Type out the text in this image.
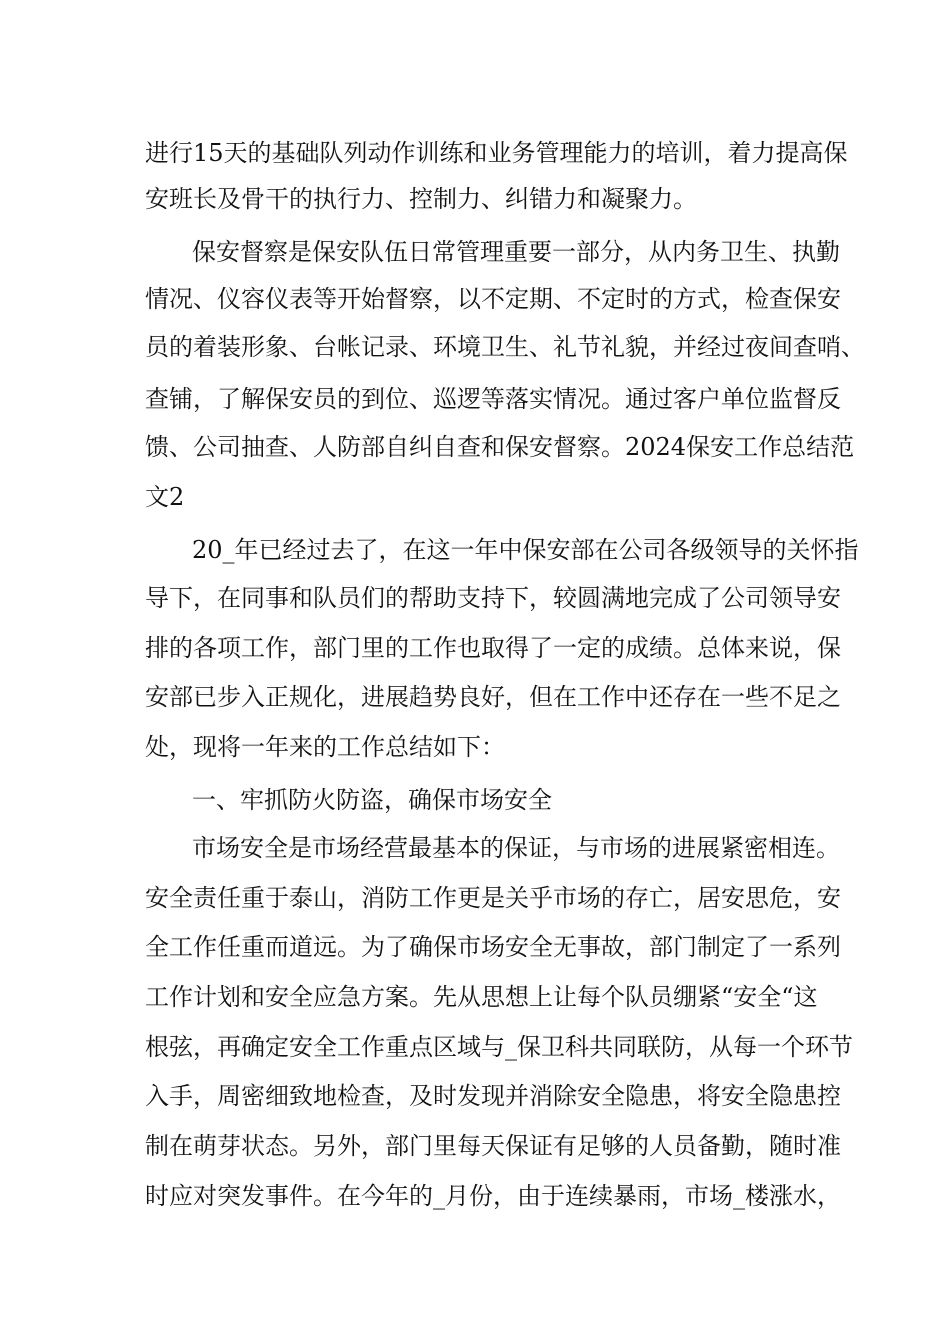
进行15天的基础队列动作训练和业务管理能力的培训，着力提高保
安班长及骨干的执行力、控制力、纠错力和凝聚力。
保安督察是保安队伍日常管理重要一部分，从内务卫生、执勤
情况、仪容仪表等开始督察，以不定期、不定时的方式，检查保安
员的着装形象、台帐记录、环境卫生、礼节礼貌，并经过夜间查哨、
查铺，了解保安员的到位、巡逻等落实情况。通过客户单位监督反
馈、公司抽查、人防部自纠自查和保安督察。2024保安工作总结范
文2
20_年已经过去了，在这一年中保安部在公司各级领导的关怀指
导下，在同事和队员们的帮助支持下，较圆满地完成了公司领导安
排的各项工作，部门里的工作也取得了一定的成绩。总体来说，保
安部已步入正规化，进展趋势良好，但在工作中还存在一些不足之
处，现将一年来的工作总结如下：
一、牢抓防火防盗，确保市场安全
市场安全是市场经营最基本的保证，与市场的进展紧密相连。
安全责任重于泰山，消防工作更是关乎市场的存亡，居安思危，安
全工作任重而道远。为了确保市场安全无事故，部门制定了一系列
工作计划和安全应急方案。先从思想上让每个队员绷紧“安全“这
根弦，再确定安全工作重点区域与_保卫科共同联防，从每一个环节
入手，周密细致地检查，及时发现并消除安全隐患，将安全隐患控
制在萌芽状态。另外，部门里每天保证有足够的人员备勤，随时准
时应对突发事件。在今年的_月份，由于连续暴雨，市场_楼涨水，
